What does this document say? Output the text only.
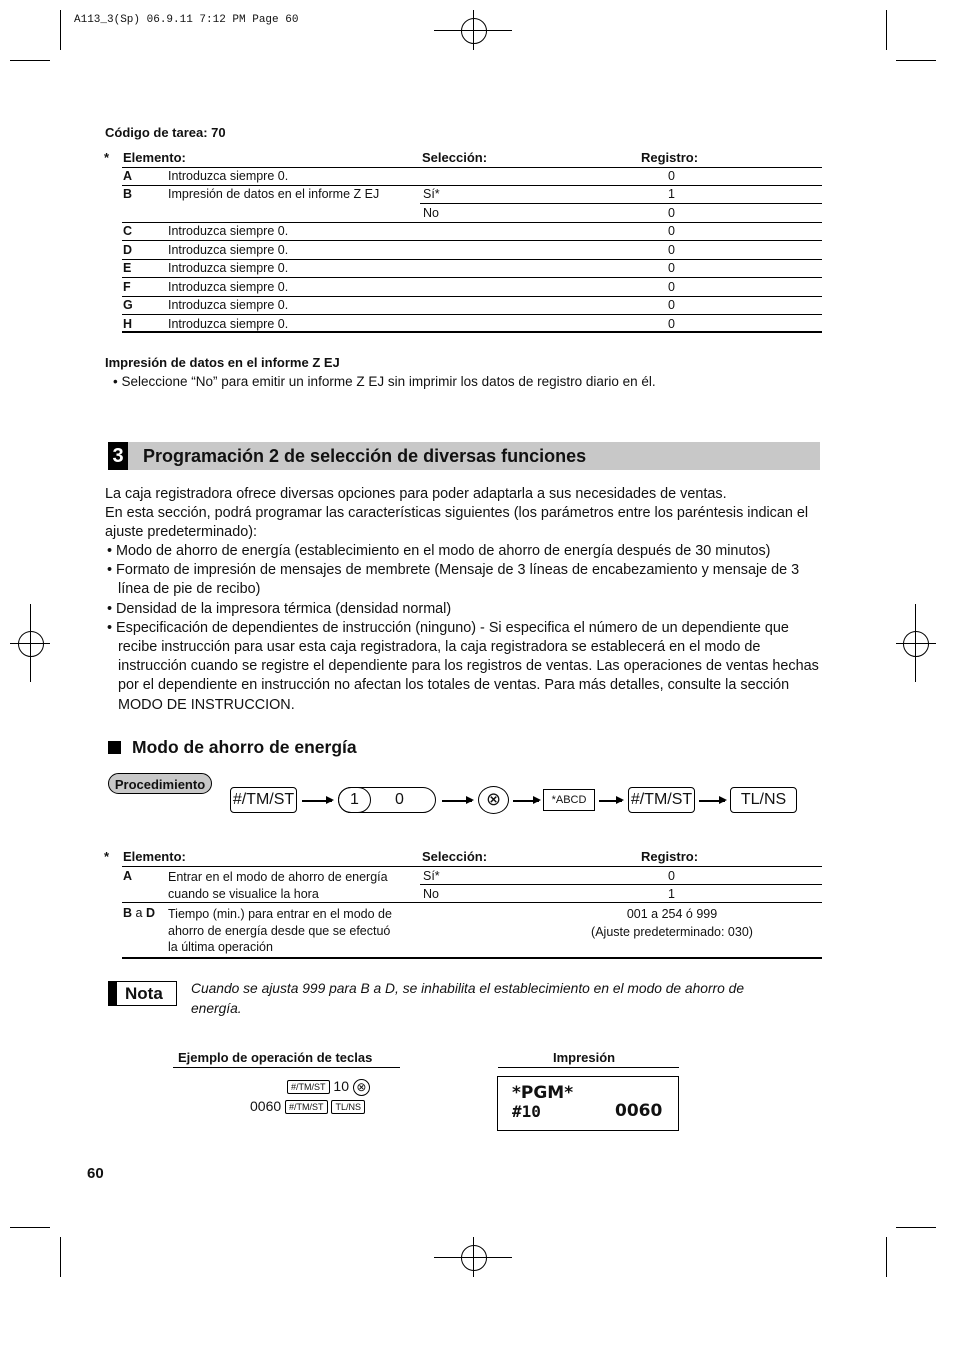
A113_3(Sp) 06.9.11 7:12 PM Page 60
Código de tarea: 70
* Elemento:	Selección:	Registro:
A	Introduzca siempre 0.	0
B	Impresión de datos en el informe Z EJ	Sí*	1
No	0
C	Introduzca siempre 0.	0
D	Introduzca siempre 0.	0
E	Introduzca siempre 0.	0
F	Introduzca siempre 0.	0
G	Introduzca siempre 0.	0
H	Introduzca siempre 0.	0
Impresión de datos en el informe Z EJ
• Seleccione “No” para emitir un informe Z EJ sin imprimir los datos de registro diario en él.
3 Programación 2 de selección de diversas funciones
La caja registradora ofrece diversas opciones para poder adaptarla a sus necesidades de ventas.
En esta sección, podrá programar las características siguientes (los parámetros entre los paréntesis indican el
ajuste predeterminado):
• Modo de ahorro de energía (establecimiento en el modo de ahorro de energía después de 30 minutos)
• Formato de impresión de mensajes de membrete (Mensaje de 3 líneas de encabezamiento y mensaje de 3
línea de pie de recibo)
• Densidad de la impresora térmica (densidad normal)
• Especificación de dependientes de instrucción (ninguno) - Si especifica el número de un dependiente que
recibe instrucción para usar esta caja registradora, la caja registradora se establecerá en el modo de
instrucción cuando se registre el dependiente para los registros de ventas. Las operaciones de ventas hechas
por el dependiente en instrucción no afectan los totales de ventas. Para más detalles, consulte la sección
MODO DE INSTRUCCION.
Modo de ahorro de energía
Procedimiento
#/TM/ST	1	0	⊗	*ABCD	#/TM/ST	TL/NS
* Elemento:	Selección:	Registro:
A	Entrar en el modo de ahorro de energía
cuando se visualice la hora
Sí*	0
No	1
B a D Tiempo (min.) para entrar en el modo de
ahorro de energía desde que se efectuó
la última operación
001 a 254 ó 999
(Ajuste predeterminado: 030)
Nota Cuando se ajusta 999 para B a D, se inhabilita el establecimiento en el modo de ahorro de
energía.
Ejemplo de operación de teclas
#/TM/ST 10 ⊗
0060 #/TM/ST TL/NS
Impresión
*PGM*
#10	0060
60
